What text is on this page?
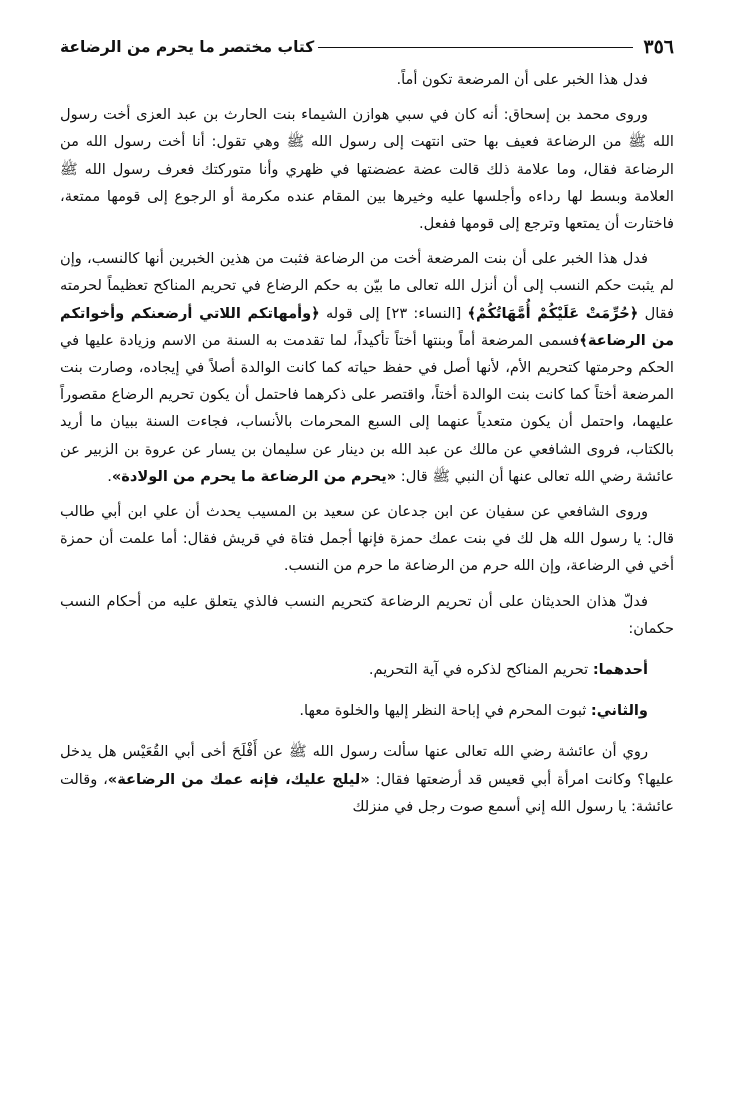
٣٥٦
كتاب مختصر ما يحرم من الرضاعة

فدل هذا الخبر على أن المرضعة تكون أماً.

وروى محمد بن إسحاق: أنه كان في سبي هوازن الشيماء بنت الحارث بن عبد العزى أخت رسول الله ﷺ من الرضاعة فعيف بها حتى انتهت إلى رسول الله ﷺ وهي تقول: أنا أخت رسول الله من الرضاعة فقال، وما علامة ذلك قالت عضة عضضتها في ظهري وأنا متوركتك فعرف رسول الله ﷺ العلامة وبسط لها رداءه وأجلسها عليه وخيرها بين المقام عنده مكرمة أو الرجوع إلى قومها ممتعة، فاختارت أن يمتعها وترجع إلى قومها ففعل.

فدل هذا الخبر على أن بنت المرضعة أخت من الرضاعة فثبت من هذين الخبرين أنها كالنسب، وإن لم يثبت حكم النسب إلى أن أنزل الله تعالى ما بيّن به حكم الرضاع في تحريم المناكح تعظيماً لحرمته فقال ﴿حُرِّمَتْ عَلَيْكُمْ أُمَّهَاتُكُمْ﴾ [النساء: ٢٣] إلى قوله ﴿وأمهاتكم اللاتي أرضعنكم وأخواتكم من الرضاعة﴾فسمى المرضعة أماً وبنتها أختاً تأكيداً، لما تقدمت به السنة من الاسم وزيادة عليها في الحكم وحرمتها كتحريم الأم، لأنها أصل في حفظ حياته كما كانت الوالدة أصلاً في إيجاده، وصارت بنت المرضعة أختاً كما كانت بنت الوالدة أختاً، واقتصر على ذكرهما فاحتمل أن يكون تحريم الرضاع مقصوراً عليهما، واحتمل أن يكون متعدياً عنهما إلى السبع المحرمات بالأنساب، فجاءت السنة ببيان ما أريد بالكتاب، فروى الشافعي عن مالك عن عبد الله بن دينار عن سليمان بن يسار عن عروة بن الزبير عن عائشة رضي الله تعالى عنها أن النبي ﷺ قال: «يحرم من الرضاعة ما يحرم من الولادة».

وروى الشافعي عن سفيان عن ابن جدعان عن سعيد بن المسيب يحدث أن علي ابن أبي طالب قال: يا رسول الله هل لك في بنت عمك حمزة فإنها أجمل فتاة في قريش فقال: أما علمت أن حمزة أخي في الرضاعة، وإن الله حرم من الرضاعة ما حرم من النسب.

فدلّ هذان الحديثان على أن تحريم الرضاعة كتحريم النسب فالذي يتعلق عليه من أحكام النسب حكمان:

أحدهما: تحريم المناكح لذكره في آية التحريم.

والثاني: ثبوت المحرم في إباحة النظر إليها والخلوة معها.

روي أن عائشة رضي الله تعالى عنها سألت رسول الله ﷺ عن أَفْلَحَ أخى أبي القُعَيْس هل يدخل عليها؟ وكانت امرأة أبي قعيس قد أرضعتها فقال: «ليلج عليك، فإنه عمك من الرضاعة»، وقالت عائشة: يا رسول الله إني أسمع صوت رجل في منزلك
